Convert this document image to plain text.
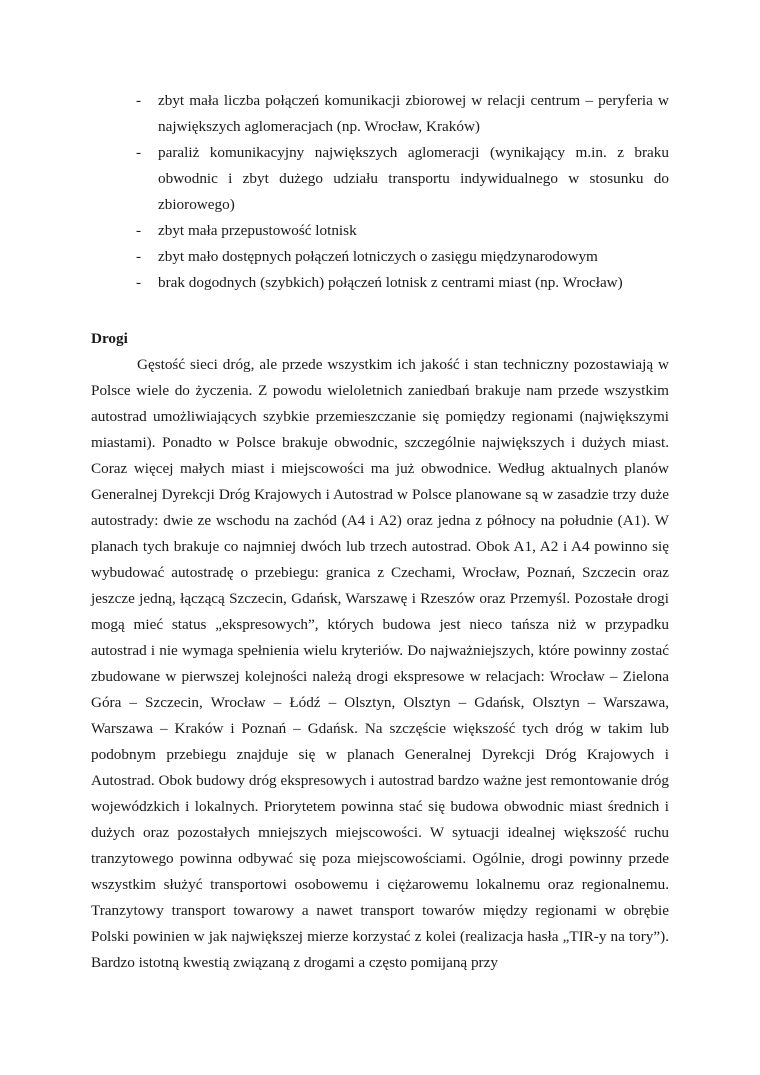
- zbyt mała liczba połączeń komunikacji zbiorowej w relacji centrum – peryferia w największych aglomeracjach (np. Wrocław, Kraków)
- paraliż komunikacyjny największych aglomeracji (wynikający m.in. z braku obwodnic i zbyt dużego udziału transportu indywidualnego w stosunku do zbiorowego)
- zbyt mała przepustowość lotnisk
- zbyt mało dostępnych połączeń lotniczych o zasięgu międzynarodowym
- brak dogodnych (szybkich) połączeń lotnisk z centrami miast (np. Wrocław)
Drogi

Gęstość sieci dróg, ale przede wszystkim ich jakość i stan techniczny pozostawiają w Polsce wiele do życzenia. Z powodu wieloletnich zaniedbań brakuje nam przede wszystkim autostrad umożliwiających szybkie przemieszczanie się pomiędzy regionami (największymi miastami). Ponadto w Polsce brakuje obwodnic, szczególnie największych i dużych miast. Coraz więcej małych miast i miejscowości ma już obwodnice. Według aktualnych planów Generalnej Dyrekcji Dróg Krajowych i Autostrad w Polsce planowane są w zasadzie trzy duże autostrady: dwie ze wschodu na zachód (A4 i A2) oraz jedna z północy na południe (A1). W planach tych brakuje co najmniej dwóch lub trzech autostrad. Obok A1, A2 i A4 powinno się wybudować autostradę o przebiegu: granica z Czechami, Wrocław, Poznań, Szczecin oraz jeszcze jedną, łączącą Szczecin, Gdańsk, Warszawę i Rzeszów oraz Przemyśl. Pozostałe drogi mogą mieć status „ekspresowych”, których budowa jest nieco tańsza niż w przypadku autostrad i nie wymaga spełnienia wielu kryteriów. Do najważniejszych, które powinny zostać zbudowane w pierwszej kolejności należą drogi ekspresowe w relacjach: Wrocław – Zielona Góra – Szczecin, Wrocław – Łódź – Olsztyn, Olsztyn – Gdańsk, Olsztyn – Warszawa, Warszawa – Kraków i Poznań – Gdańsk. Na szczęście większość tych dróg w takim lub podobnym przebiegu znajduje się w planach Generalnej Dyrekcji Dróg Krajowych i Autostrad. Obok budowy dróg ekspresowych i autostrad bardzo ważne jest remontowanie dróg wojewódzkich i lokalnych. Priorytetem powinna stać się budowa obwodnic miast średnich i dużych oraz pozostałych mniejszych miejscowości. W sytuacji idealnej większość ruchu tranzytowego powinna odbywać się poza miejscowościami. Ogólnie, drogi powinny przede wszystkim służyć transportowi osobowemu i ciężarowemu lokalnemu oraz regionalnemu. Tranzytowy transport towarowy a nawet transport towarów między regionami w obrębie Polski powinien w jak największej mierze korzystać z kolei (realizacja hasła „TIR-y na tory”). Bardzo istotną kwestią związaną z drogami a często pomijaną przy
